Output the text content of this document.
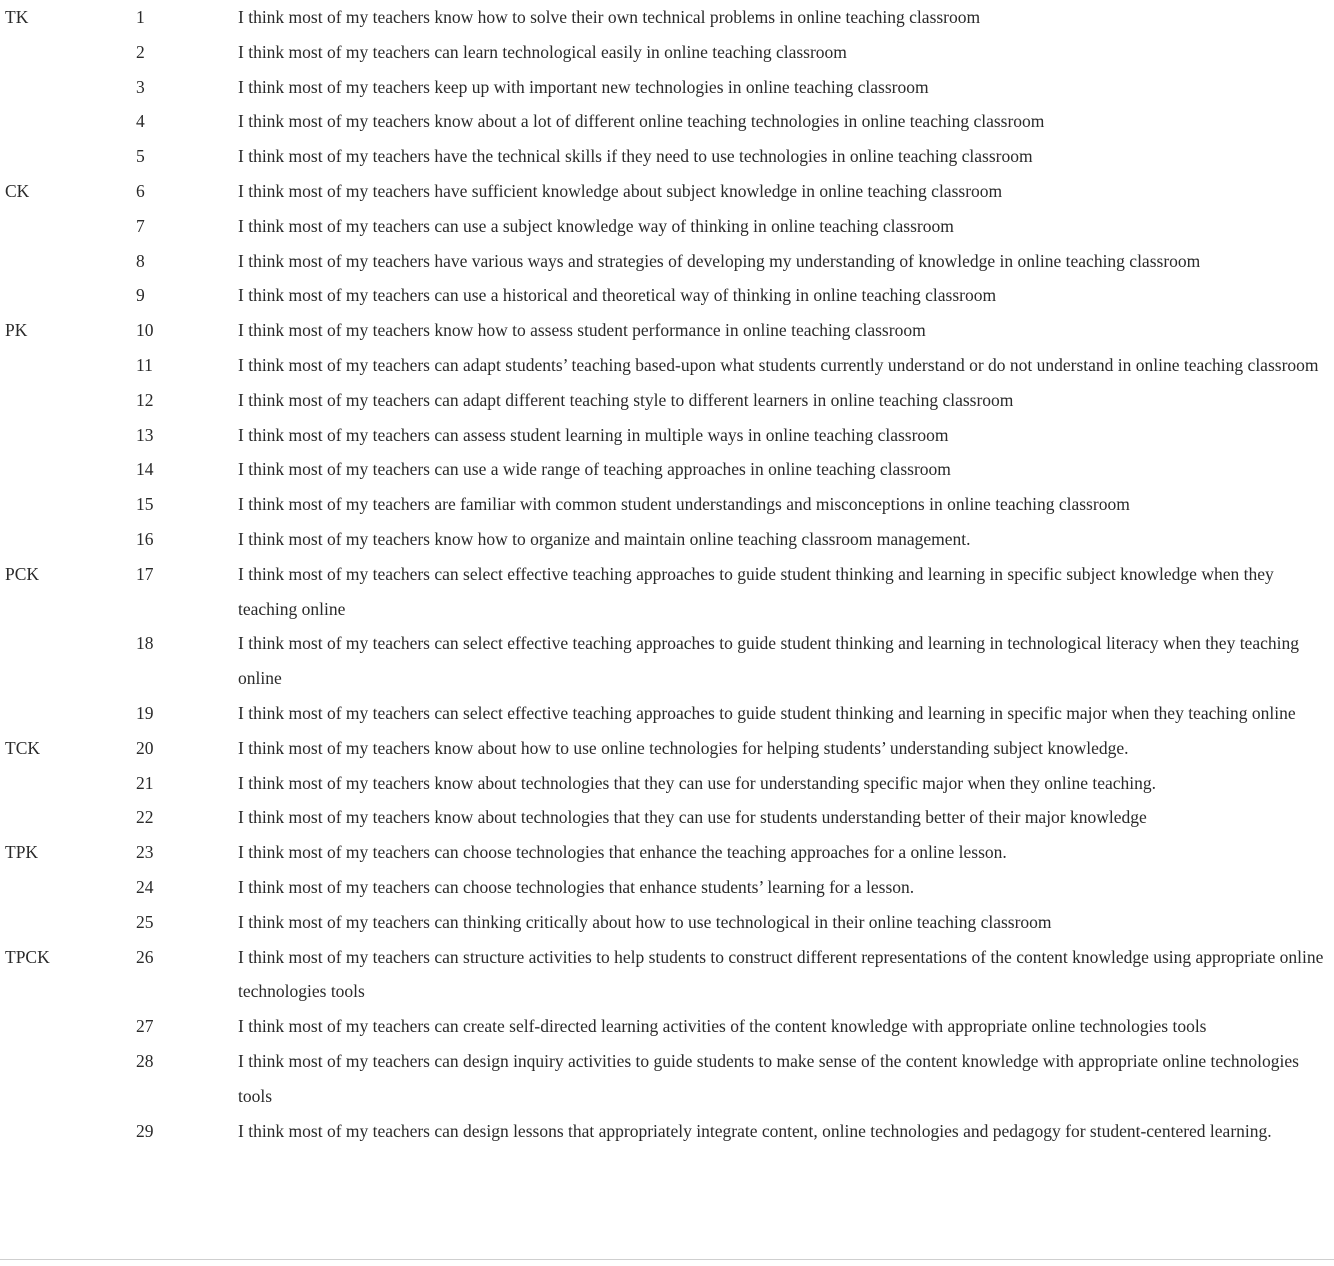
TK	1	I think most of my teachers know how to solve their own technical problems in online teaching classroom
2	I think most of my teachers can learn technological easily in online teaching classroom
3	I think most of my teachers keep up with important new technologies in online teaching classroom
4	I think most of my teachers know about a lot of different online teaching technologies in online teaching classroom
5	I think most of my teachers have the technical skills if they need to use technologies in online teaching classroom
CK	6	I think most of my teachers have sufficient knowledge about subject knowledge in online teaching classroom
7	I think most of my teachers can use a subject knowledge way of thinking in online teaching classroom
8	I think most of my teachers have various ways and strategies of developing my understanding of knowledge in online teaching classroom
9	I think most of my teachers can use a historical and theoretical way of thinking in online teaching classroom
PK	10	I think most of my teachers know how to assess student performance in online teaching classroom
11	I think most of my teachers can adapt students’ teaching based-upon what students currently understand or do not understand in online teaching classroom
12	I think most of my teachers can adapt different teaching style to different learners in online teaching classroom
13	I think most of my teachers can assess student learning in multiple ways in online teaching classroom
14	I think most of my teachers can use a wide range of teaching approaches in online teaching classroom
15	I think most of my teachers are familiar with common student understandings and misconceptions in online teaching classroom
16	I think most of my teachers know how to organize and maintain online teaching classroom management.
PCK	17	I think most of my teachers can select effective teaching approaches to guide student thinking and learning in specific subject knowledge when they teaching online
18	I think most of my teachers can select effective teaching approaches to guide student thinking and learning in technological literacy when they teaching online
19	I think most of my teachers can select effective teaching approaches to guide student thinking and learning in specific major when they teaching online
TCK	20	I think most of my teachers know about how to use online technologies for helping students’ understanding subject knowledge.
21	I think most of my teachers know about technologies that they can use for understanding specific major when they online teaching.
22	I think most of my teachers know about technologies that they can use for students understanding better of their major knowledge
TPK	23	I think most of my teachers can choose technologies that enhance the teaching approaches for a online lesson.
24	I think most of my teachers can choose technologies that enhance students’ learning for a lesson.
25	I think most of my teachers can thinking critically about how to use technological in their online teaching classroom
TPCK	26	I think most of my teachers can structure activities to help students to construct different representations of the content knowledge using appropriate online technologies tools
27	I think most of my teachers can create self-directed learning activities of the content knowledge with appropriate online technologies tools
28	I think most of my teachers can design inquiry activities to guide students to make sense of the content knowledge with appropriate online technologies tools
29	I think most of my teachers can design lessons that appropriately integrate content, online technologies and pedagogy for student-centered learning.
